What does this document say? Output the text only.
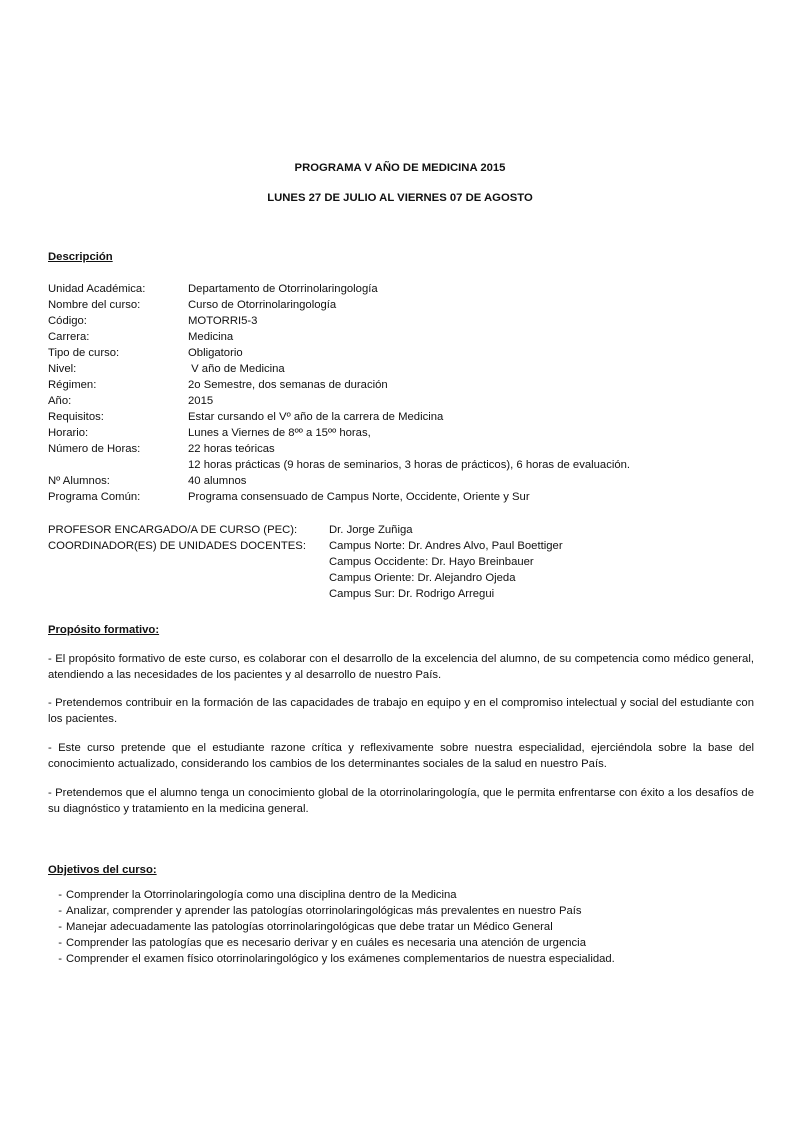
PROGRAMA V AÑO DE MEDICINA 2015
LUNES 27 DE JULIO AL VIERNES 07 DE AGOSTO
Descripción
Unidad Académica:	Departamento de Otorrinolaringología
Nombre del curso:	Curso de Otorrinolaringología
Código:	MOTORRI5-3
Carrera:	Medicina
Tipo de curso:	Obligatorio
Nivel:	V año de Medicina
Régimen:	2o Semestre, dos semanas de duración
Año:	2015
Requisitos:	Estar cursando el Vº año de la carrera de Medicina
Horario:	Lunes a Viernes de 8ºº a 15ºº horas,
Número de Horas:	22 horas teóricas
12 horas prácticas (9 horas de seminarios, 3 horas de prácticos), 6 horas de evaluación.
Nº Alumnos:	40 alumnos
Programa Común:	Programa consensuado de Campus Norte, Occidente, Oriente y Sur
PROFESOR ENCARGADO/A DE CURSO (PEC):	Dr. Jorge Zuñiga
COORDINADOR(ES) DE UNIDADES DOCENTES:	Campus Norte: Dr. Andres Alvo, Paul Boettiger
Campus Occidente: Dr. Hayo Breinbauer
Campus Oriente: Dr. Alejandro Ojeda
Campus Sur: Dr. Rodrigo Arregui
Propósito formativo:
- El propósito formativo de este curso, es colaborar con el desarrollo de la excelencia del alumno, de su competencia como médico general, atendiendo a las necesidades de los pacientes y al desarrollo de nuestro País.
- Pretendemos contribuir en la formación de las capacidades de trabajo en equipo y en el compromiso intelectual y social del estudiante con los pacientes.
- Este curso pretende que el estudiante razone crítica y reflexivamente sobre nuestra especialidad, ejerciéndola sobre la base del conocimiento actualizado, considerando los cambios de los determinantes sociales de la salud en nuestro País.
- Pretendemos que el alumno tenga un conocimiento global de la otorrinolaringología, que le permita enfrentarse con éxito a los desafíos de su diagnóstico y tratamiento en la medicina general.
Objetivos del curso:
- Comprender la Otorrinolaringología como una disciplina dentro de la Medicina
- Analizar, comprender y aprender las patologías otorrinolaringológicas más prevalentes en nuestro País
- Manejar adecuadamente las patologías otorrinolaringológicas que debe tratar un Médico General
- Comprender las patologías que es necesario derivar y en cuáles es necesaria una atención de urgencia
- Comprender el examen físico otorrinolaringológico y los exámenes complementarios de nuestra especialidad.
